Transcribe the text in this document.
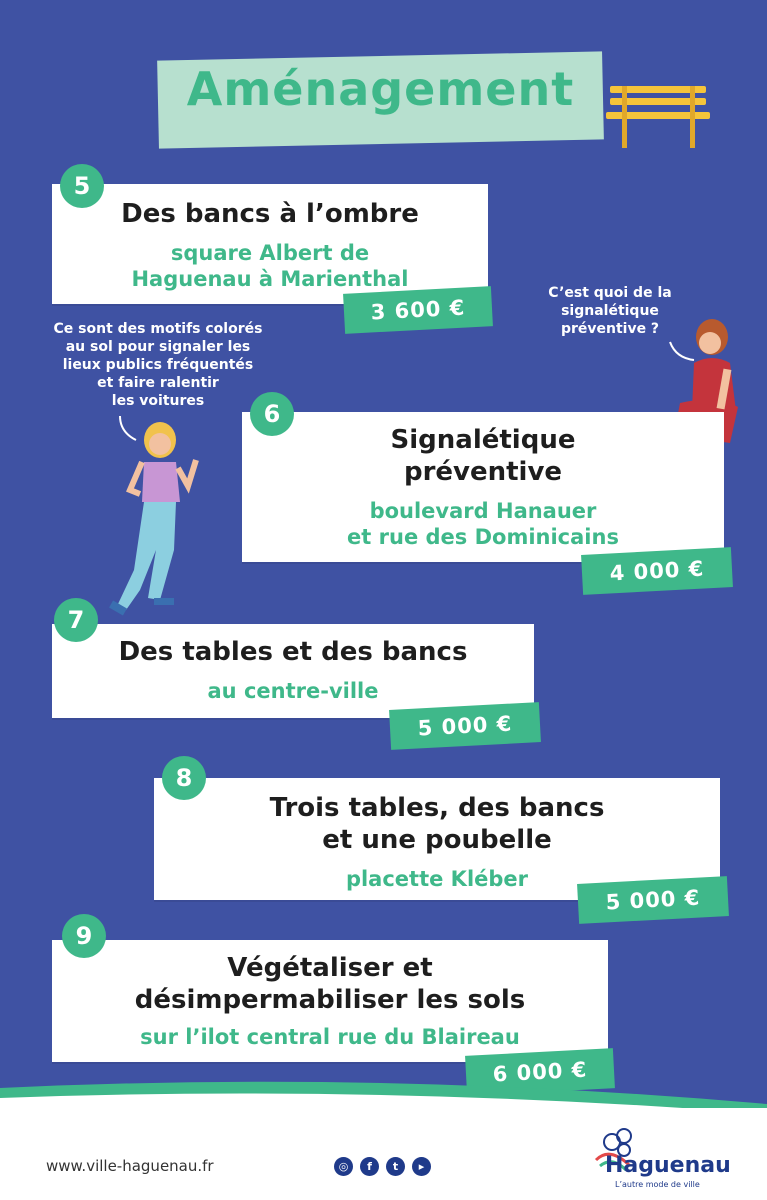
Aménagement
Des bancs à l’ombre
square Albert de
Haguenau à Marienthal
5
3 600 €
C’est quoi de la
signalétique
préventive ?
Ce sont des motifs colorés
au sol pour signaler les
lieux publics fréquentés
et faire ralentir
les voitures
Signalétique
préventive
boulevard Hanauer
et rue des Dominicains
6
4 000 €
Des tables et des bancs
au centre-ville
7
5 000 €
Trois tables, des bancs
et une poubelle
placette Kléber
8
5 000 €
Végétaliser et
désimpermabiliser les sols
sur l’ilot central rue du Blaireau
9
6 000 €
www.ville-haguenau.fr	◎	f	t	▸	Haguenau
L’autre mode de ville
